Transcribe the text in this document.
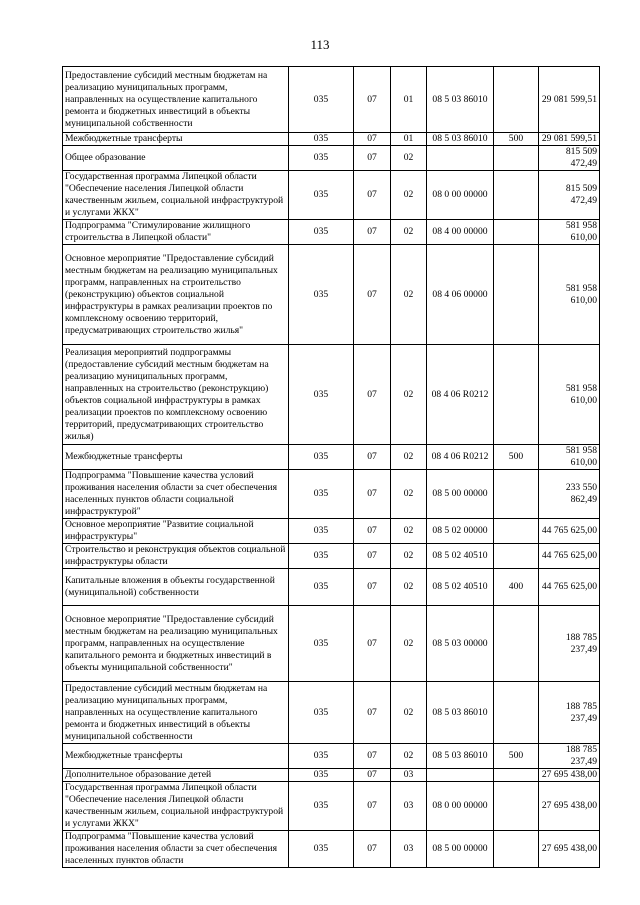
113
Предоставление субсидий местным бюджетам на реализацию муниципальных программ, направленных на осуществление капитального ремонта и бюджетных инвестиций в объекты муниципальной собственности	035	07	01	08 5 03 86010		29 081 599,51
Межбюджетные трансферты	035	07	01	08 5 03 86010	500	29 081 599,51
Общее образование	035	07	02			815 509 472,49
Государственная программа Липецкой области "Обеспечение населения Липецкой области качественным жильем, социальной инфраструктурой и услугами ЖКХ"	035	07	02	08 0 00 00000		815 509 472,49
Подпрограмма "Стимулирование жилищного строительства в Липецкой области"	035	07	02	08 4 00 00000		581 958 610,00
Основное мероприятие "Предоставление субсидий местным бюджетам на реализацию муниципальных программ, направленных на строительство (реконструкцию) объектов социальной инфраструктуры в рамках реализации проектов по комплексному освоению территорий, предусматривающих строительство жилья"	035	07	02	08 4 06 00000		581 958 610,00
Реализация мероприятий подпрограммы (предоставление субсидий местным бюджетам на реализацию муниципальных программ, направленных на строительство (реконструкцию) объектов социальной инфраструктуры в рамках реализации проектов по комплексному освоению территорий, предусматривающих строительство жилья)	035	07	02	08 4 06 R0212		581 958 610,00
Межбюджетные трансферты	035	07	02	08 4 06 R0212	500	581 958 610,00
Подпрограмма "Повышение качества условий проживания населения области за счет обеспечения населенных пунктов области социальной инфраструктурой"	035	07	02	08 5 00 00000		233 550 862,49
Основное мероприятие "Развитие социальной инфраструктуры"	035	07	02	08 5 02 00000		44 765 625,00
Строительство и реконструкция объектов социальной инфраструктуры области	035	07	02	08 5 02 40510		44 765 625,00
Капитальные вложения в объекты государственной (муниципальной) собственности	035	07	02	08 5 02 40510	400	44 765 625,00
Основное мероприятие "Предоставление субсидий местным бюджетам на реализацию муниципальных программ, направленных на осуществление капитального ремонта и бюджетных инвестиций в объекты муниципальной собственности"	035	07	02	08 5 03 00000		188 785 237,49
Предоставление субсидий местным бюджетам на реализацию муниципальных программ, направленных на осуществление капитального ремонта и бюджетных инвестиций в объекты муниципальной собственности	035	07	02	08 5 03 86010		188 785 237,49
Межбюджетные трансферты	035	07	02	08 5 03 86010	500	188 785 237,49
Дополнительное образование детей	035	07	03			27 695 438,00
Государственная программа Липецкой области "Обеспечение населения Липецкой области качественным жильем, социальной инфраструктурой и услугами ЖКХ"	035	07	03	08 0 00 00000		27 695 438,00
Подпрограмма "Повышение качества условий проживания населения области за счет обеспечения населенных пунктов области	035	07	03	08 5 00 00000		27 695 438,00
